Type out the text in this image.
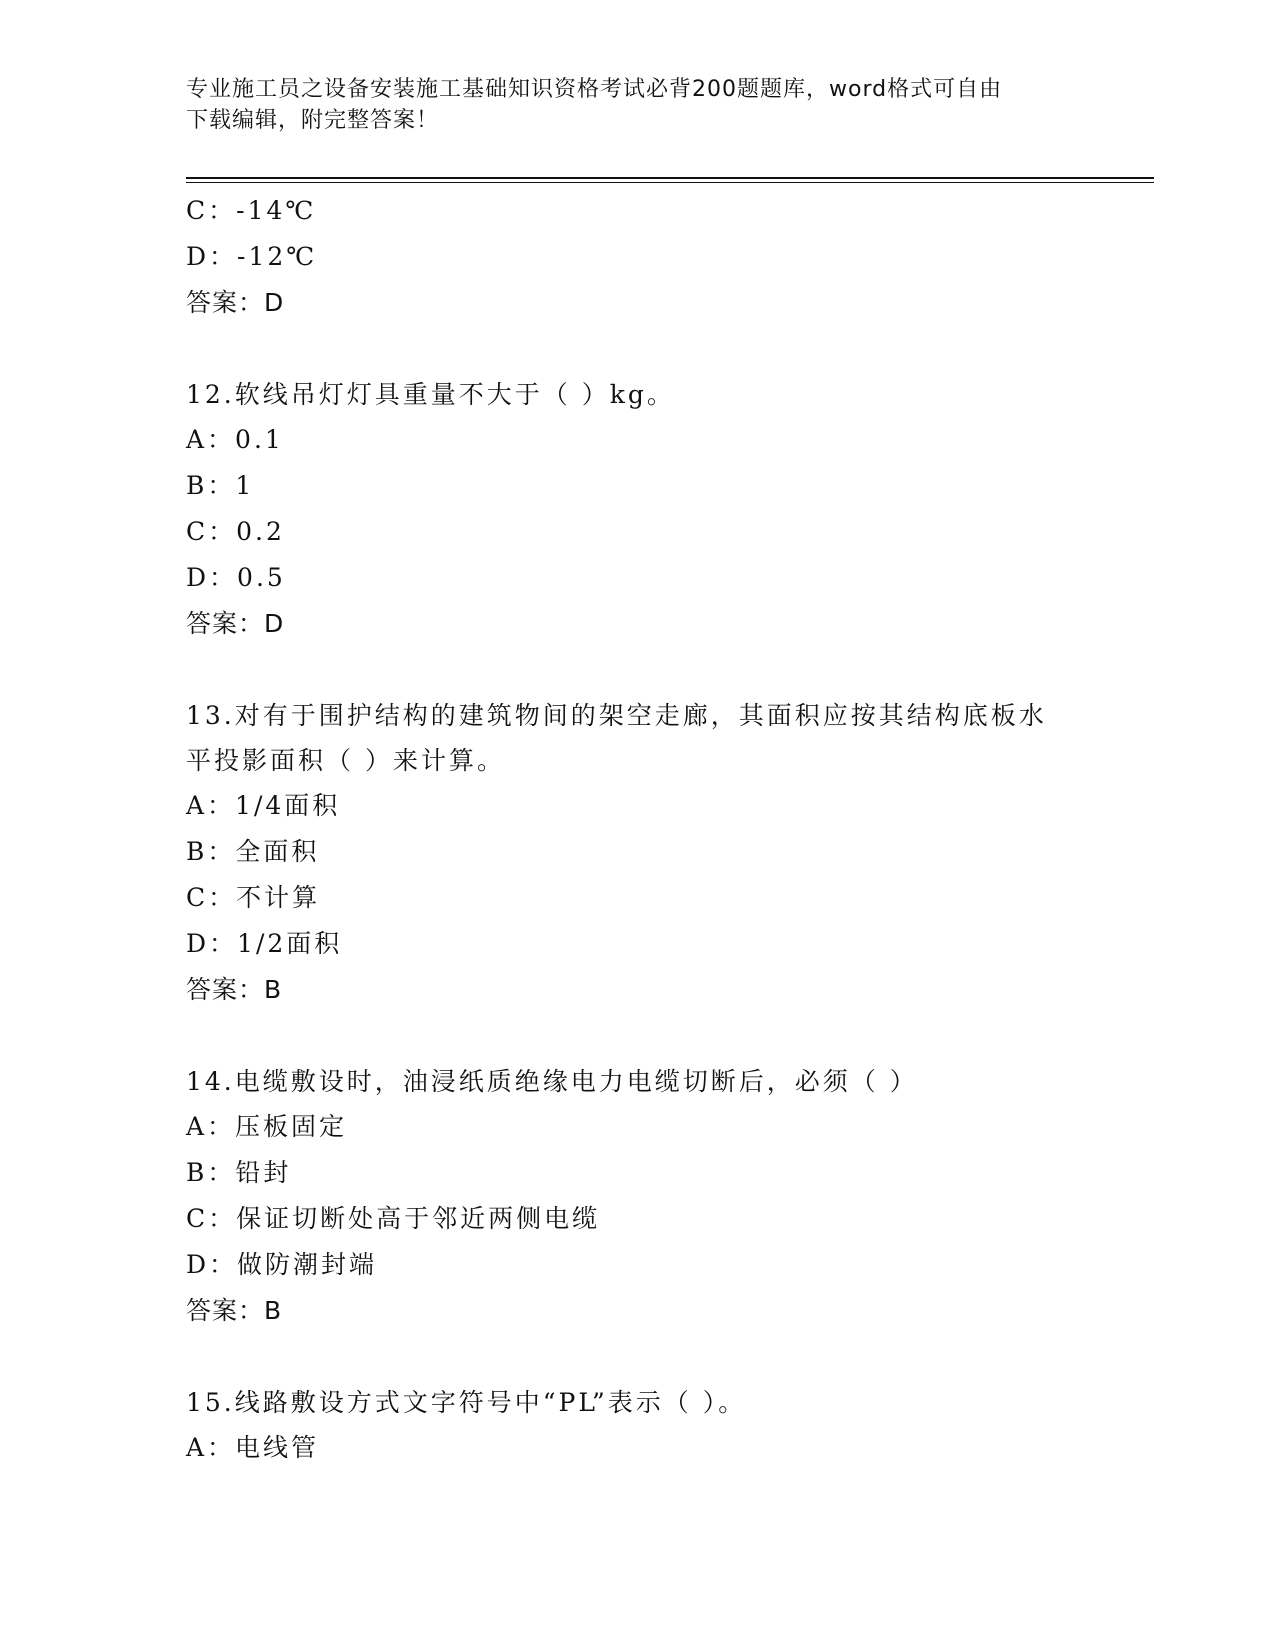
专业施工员之设备安装施工基础知识资格考试必背200题题库，word格式可自由
下载编辑，附完整答案！
C：-14℃
D：-12℃
答案：D
12.软线吊灯灯具重量不大于（ ）kg。
A：0.1
B：1
C：0.2
D：0.5
答案：D
13.对有于围护结构的建筑物间的架空走廊，其面积应按其结构底板水
平投影面积（ ）来计算。
A：1/4面积
B：全面积
C：不计算
D：1/2面积
答案：B
14.电缆敷设时，油浸纸质绝缘电力电缆切断后，必须（ ）
A：压板固定
B：铅封
C：保证切断处高于邻近两侧电缆
D：做防潮封端
答案：B
15.线路敷设方式文字符号中“PL”表示（ ）。
A：电线管
